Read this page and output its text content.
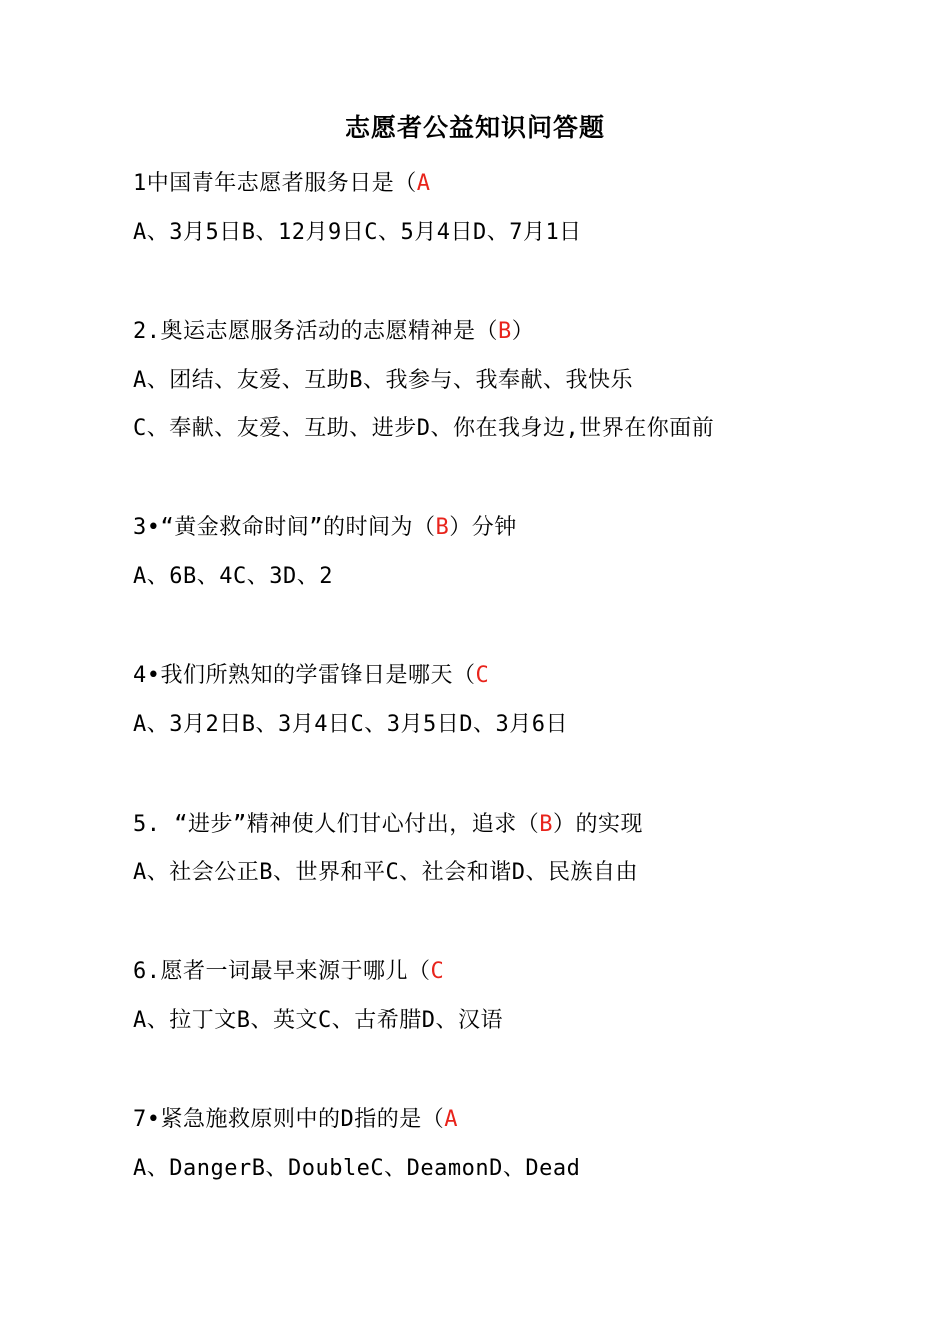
志愿者公益知识问答题
1中国青年志愿者服务日是（A
A、3月5日B、12月9日C、5月4日D、7月1日
2.奥运志愿服务活动的志愿精神是（B）
A、团结、友爱、互助B、我参与、我奉献、我快乐
C、奉献、友爱、互助、进步D、你在我身边,世界在你面前
3•“黄金救命时间”的时间为（B）分钟
A、6B、4C、3D、2
4•我们所熟知的学雷锋日是哪天（C
A、3月2日B、3月4日C、3月5日D、3月6日
5. “进步”精神使人们甘心付出，追求（B）的实现
A、社会公正B、世界和平C、社会和谐D、民族自由
6.愿者一词最早来源于哪儿（C
A、拉丁文B、英文C、古希腊D、汉语
7•紧急施救原则中的D指的是（A
A、DangerB、DoubleC、DeamonD、Dead
